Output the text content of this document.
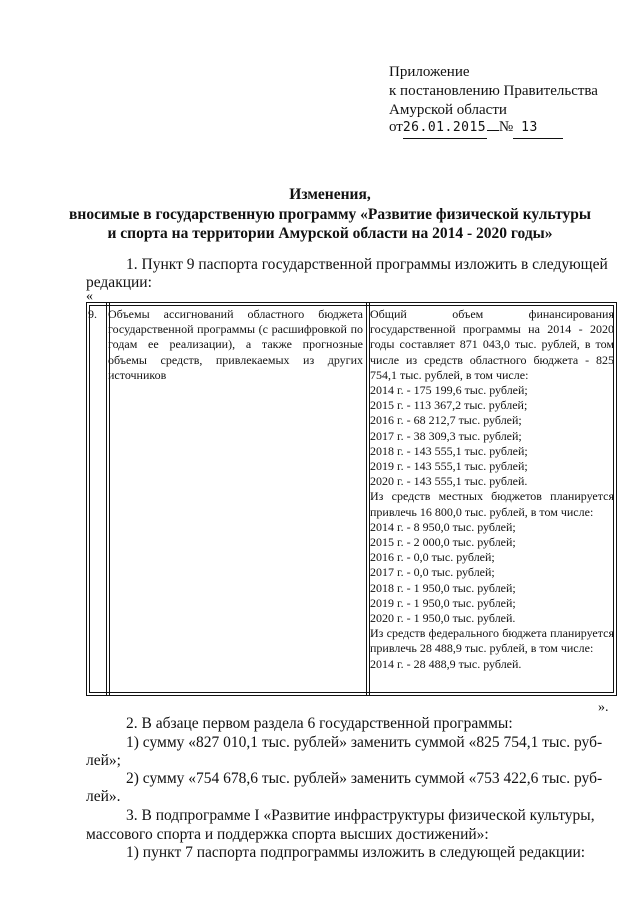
Приложение
к постановлению Правительства
Амурской области
от26.01.2015 № 13
Изменения,
вносимые в государственную программу «Развитие физической культуры
и спорта на территории Амурской области на 2014 - 2020 годы»
1. Пункт 9 паспорта государственной программы изложить в следующей
редакции:
«
9. Объемы ассигнований областного бюджета государственной программы (с расшифровкой по годам ее реализации), а также прогнозные объемы средств, привлекаемых из других источников
Общий объем финансирования государственной программы на 2014 - 2020 годы составляет 871 043,0 тыс. рублей, в том числе из средств областного бюджета - 825 754,1 тыс. рублей, в том числе:
2014 г. - 175 199,6 тыс. рублей;
2015 г. - 113 367,2 тыс. рублей;
2016 г. - 68 212,7 тыс. рублей;
2017 г. - 38 309,3 тыс. рублей;
2018 г. - 143 555,1 тыс. рублей;
2019 г. - 143 555,1 тыс. рублей;
2020 г. - 143 555,1 тыс. рублей.
Из средств местных бюджетов планируется привлечь 16 800,0 тыс. рублей, в том числе:
2014 г. - 8 950,0 тыс. рублей;
2015 г. - 2 000,0 тыс. рублей;
2016 г. - 0,0 тыс. рублей;
2017 г. - 0,0 тыс. рублей;
2018 г. - 1 950,0 тыс. рублей;
2019 г. - 1 950,0 тыс. рублей;
2020 г. - 1 950,0 тыс. рублей.
Из средств федерального бюджета планируется привлечь 28 488,9 тыс. рублей, в том числе:
2014 г. - 28 488,9 тыс. рублей.
».
2. В абзаце первом раздела 6 государственной программы:
1) сумму «827 010,1 тыс. рублей» заменить суммой «825 754,1 тыс. руб-
лей»;
2) сумму «754 678,6 тыс. рублей» заменить суммой «753 422,6 тыс. руб-
лей».
3. В подпрограмме I «Развитие инфраструктуры физической культуры,
массового спорта и поддержка спорта высших достижений»:
1) пункт 7 паспорта подпрограммы изложить в следующей редакции:
